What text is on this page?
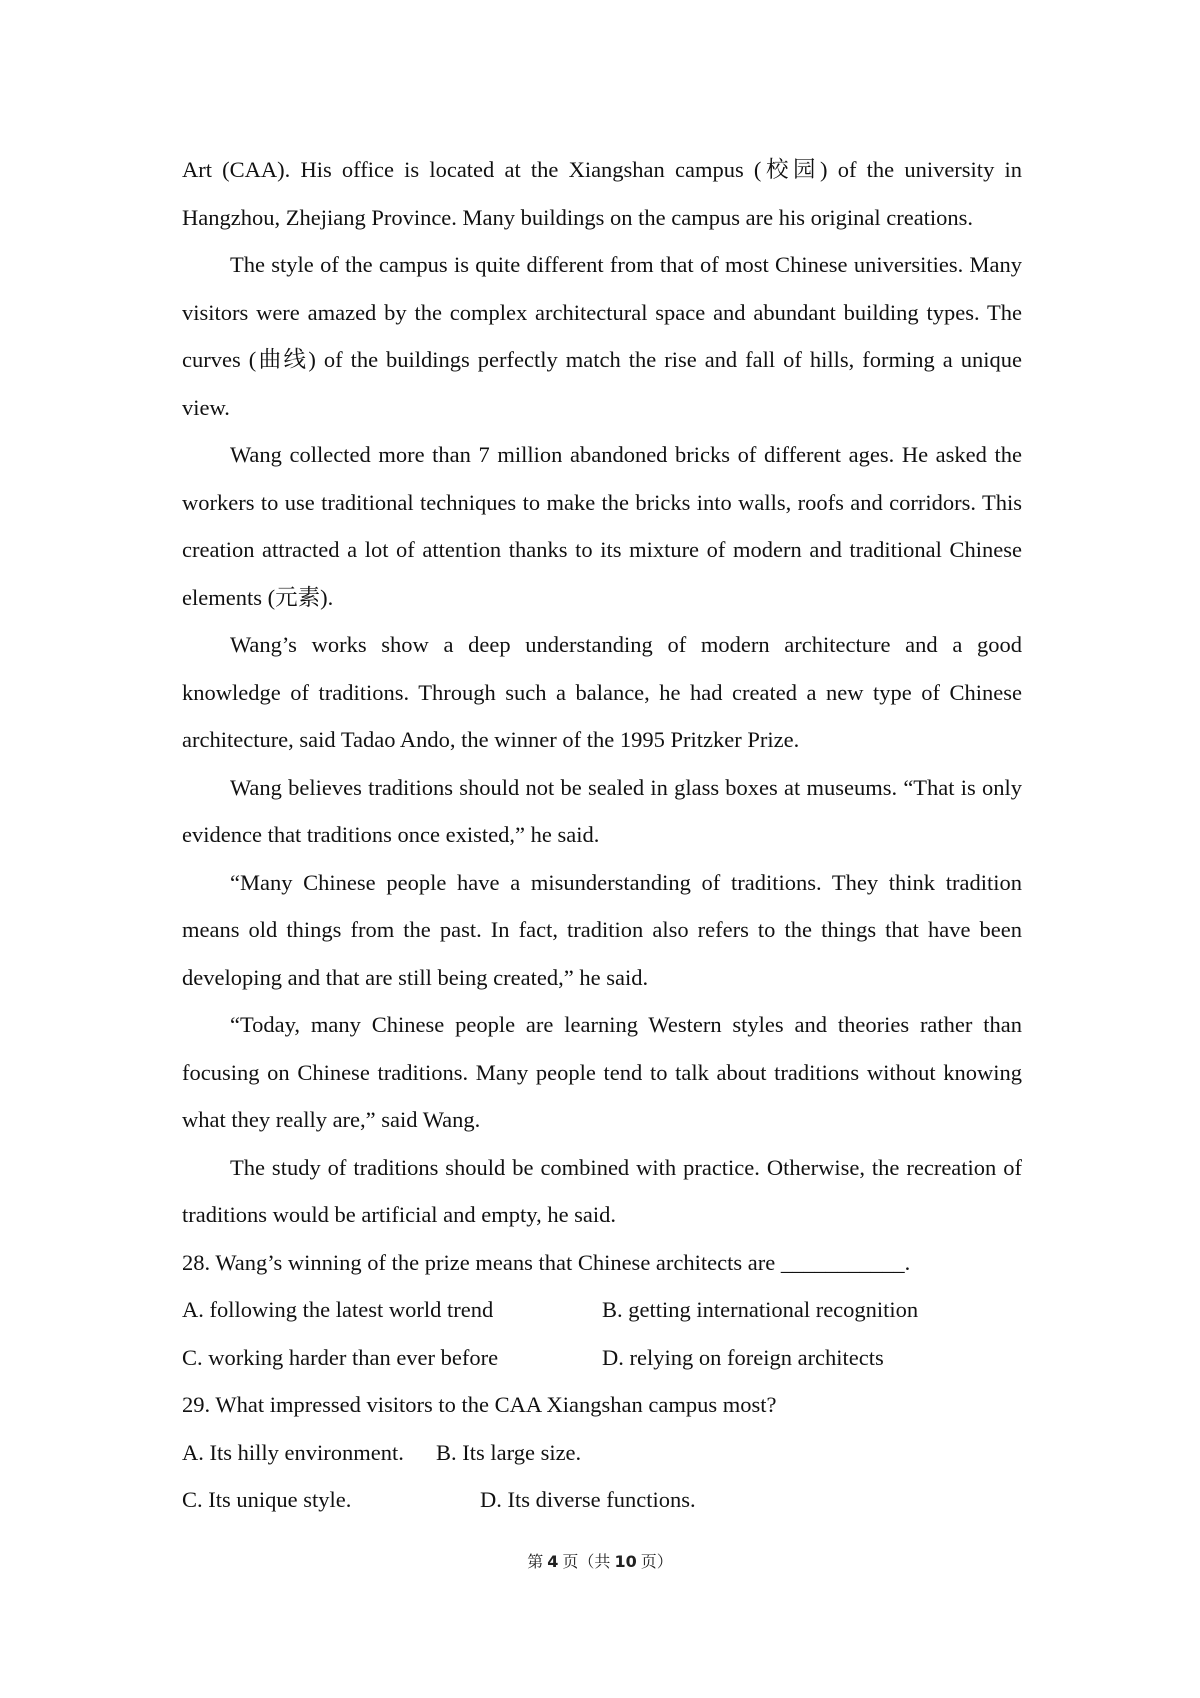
Art (CAA). His office is located at the Xiangshan campus (校园) of the university in Hangzhou, Zhejiang Province. Many buildings on the campus are his original creations.

The style of the campus is quite different from that of most Chinese universities. Many visitors were amazed by the complex architectural space and abundant building types. The curves (曲线) of the buildings perfectly match the rise and fall of hills, forming a unique view.

Wang collected more than 7 million abandoned bricks of different ages. He asked the workers to use traditional techniques to make the bricks into walls, roofs and corridors. This creation attracted a lot of attention thanks to its mixture of modern and traditional Chinese elements (元素).

Wang’s works show a deep understanding of modern architecture and a good knowledge of traditions. Through such a balance, he had created a new type of Chinese architecture, said Tadao Ando, the winner of the 1995 Pritzker Prize.

Wang believes traditions should not be sealed in glass boxes at museums. “That is only evidence that traditions once existed,” he said.

“Many Chinese people have a misunderstanding of traditions. They think tradition means old things from the past. In fact, tradition also refers to the things that have been developing and that are still being created,” he said.

“Today, many Chinese people are learning Western styles and theories rather than focusing on Chinese traditions. Many people tend to talk about traditions without knowing what they really are,” said Wang.

The study of traditions should be combined with practice. Otherwise, the recreation of traditions would be artificial and empty, he said.

28. Wang’s winning of the prize means that Chinese architects are ___________.

A. following the latest world trend	B. getting international recognition

C. working harder than ever before	D. relying on foreign architects

29. What impressed visitors to the CAA Xiangshan campus most?

A. Its hilly environment. B. Its large size.

C. Its unique style.	D. Its diverse functions.

第 4 页（共 10 页）
